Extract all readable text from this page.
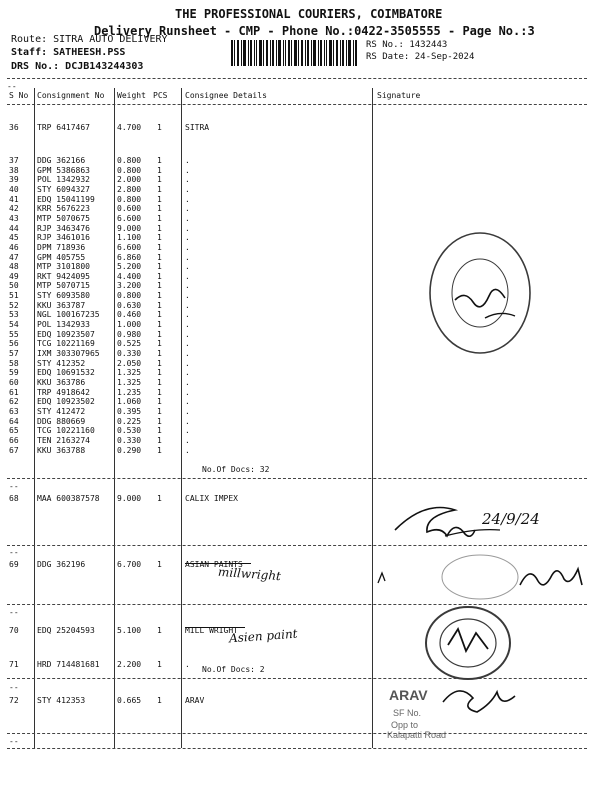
THE PROFESSIONAL COURIERS, COIMBATORE
Delivery Runsheet - CMP - Phone No.:0422-3505555 - Page No.:3
Route: SITRA AUTO DELIVERY
Staff: SATHEESH.PSS
DRS No.: DCJB143244303
RS No.: 1432443
RS Date: 24-Sep-2024
--
S No Consignment No Weight PCS Consignee Details	Signature
36 TRP 6417467	4.700 1	SITRA
37 DDG 362166	0.800 1	.
38 GPM 5386863	0.800 1	.
39 POL 1342932	2.000 1	.
40 STY 6094327	2.800 1	.
41 EDQ 15041199	0.800 1	.
42 KRR 5676223	0.600 1	.
43 MTP 5070675	6.600 1	.
44 RJP 3463476	9.000 1	.
45 RJP 3461016	1.100 1	.
46 DPM 718936	6.600 1	.
47 GPM 405755	6.860 1	.
48 MTP 3101800	5.200 1	.
49 RKT 9424095	4.400 1	.
50 MTP 5070715	3.200 1	.
51 STY 6093580	0.800 1	.
52 KKU 363787	0.630 1	.
53 NGL 100167235 0.460 1	.
54 POL 1342933	1.000 1	.
55 EDQ 10923507	0.980 1	.
56 TCG 10221169	0.525 1	.
57 IXM 303307965 0.330 1	.
58 STY 412352	2.050 1	.
59 EDQ 10691532	1.325 1	.
60 KKU 363786	1.325 1	.
61 TRP 4918642	1.235 1	.
62 EDQ 10923502	1.060 1	.
63 STY 412472	0.395 1	.
64 DDG 880669	0.225 1	.
65 TCG 10221160	0.530 1	.
66 TEN 2163274	0.330 1	.
67 KKU 363788	0.290 1	.
68 MAA 600387578 9.000 1	CALIX IMPEX
69 DDG 362196	6.700 1	ASIAN PAINTS
70 EDQ 25204593	5.100 1	MILL WRIGHT
71 HRD 714481681 2.200 1	.
72 STY 412353	0.665 1	ARAV
No.Of Docs: 32
--
--
--
No.Of Docs: 2
--
--
24/9/24
millwright
Asien paint
ARAV
SF No.
Opp to
Kalapatti Road
